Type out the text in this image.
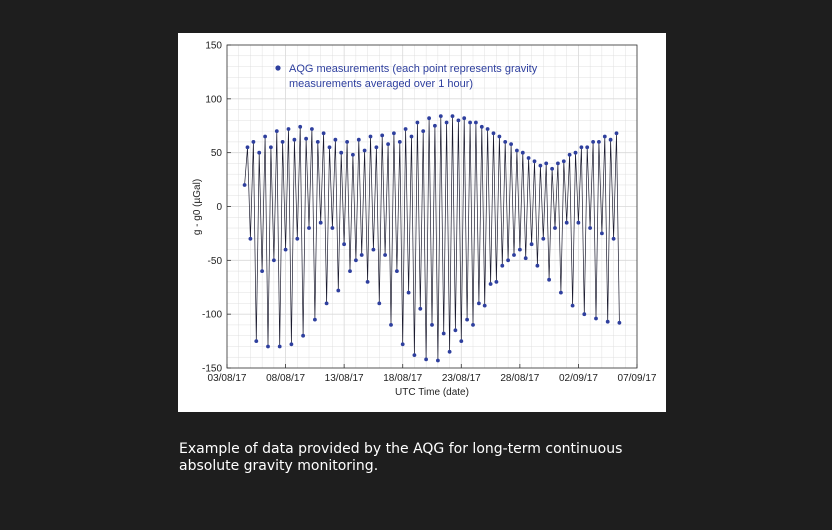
150
100
50
0
-50
-100
-150
03/08/17 08/08/17 13/08/17 18/08/17 23/08/17 28/08/17 02/09/17 07/09/17
AQG measurements (each point represents gravity
measurements averaged over 1 hour)
UTC Time (date)
g - g0 (µGal)
Example of data provided by the AQG for long-term continuous
absolute gravity monitoring.
